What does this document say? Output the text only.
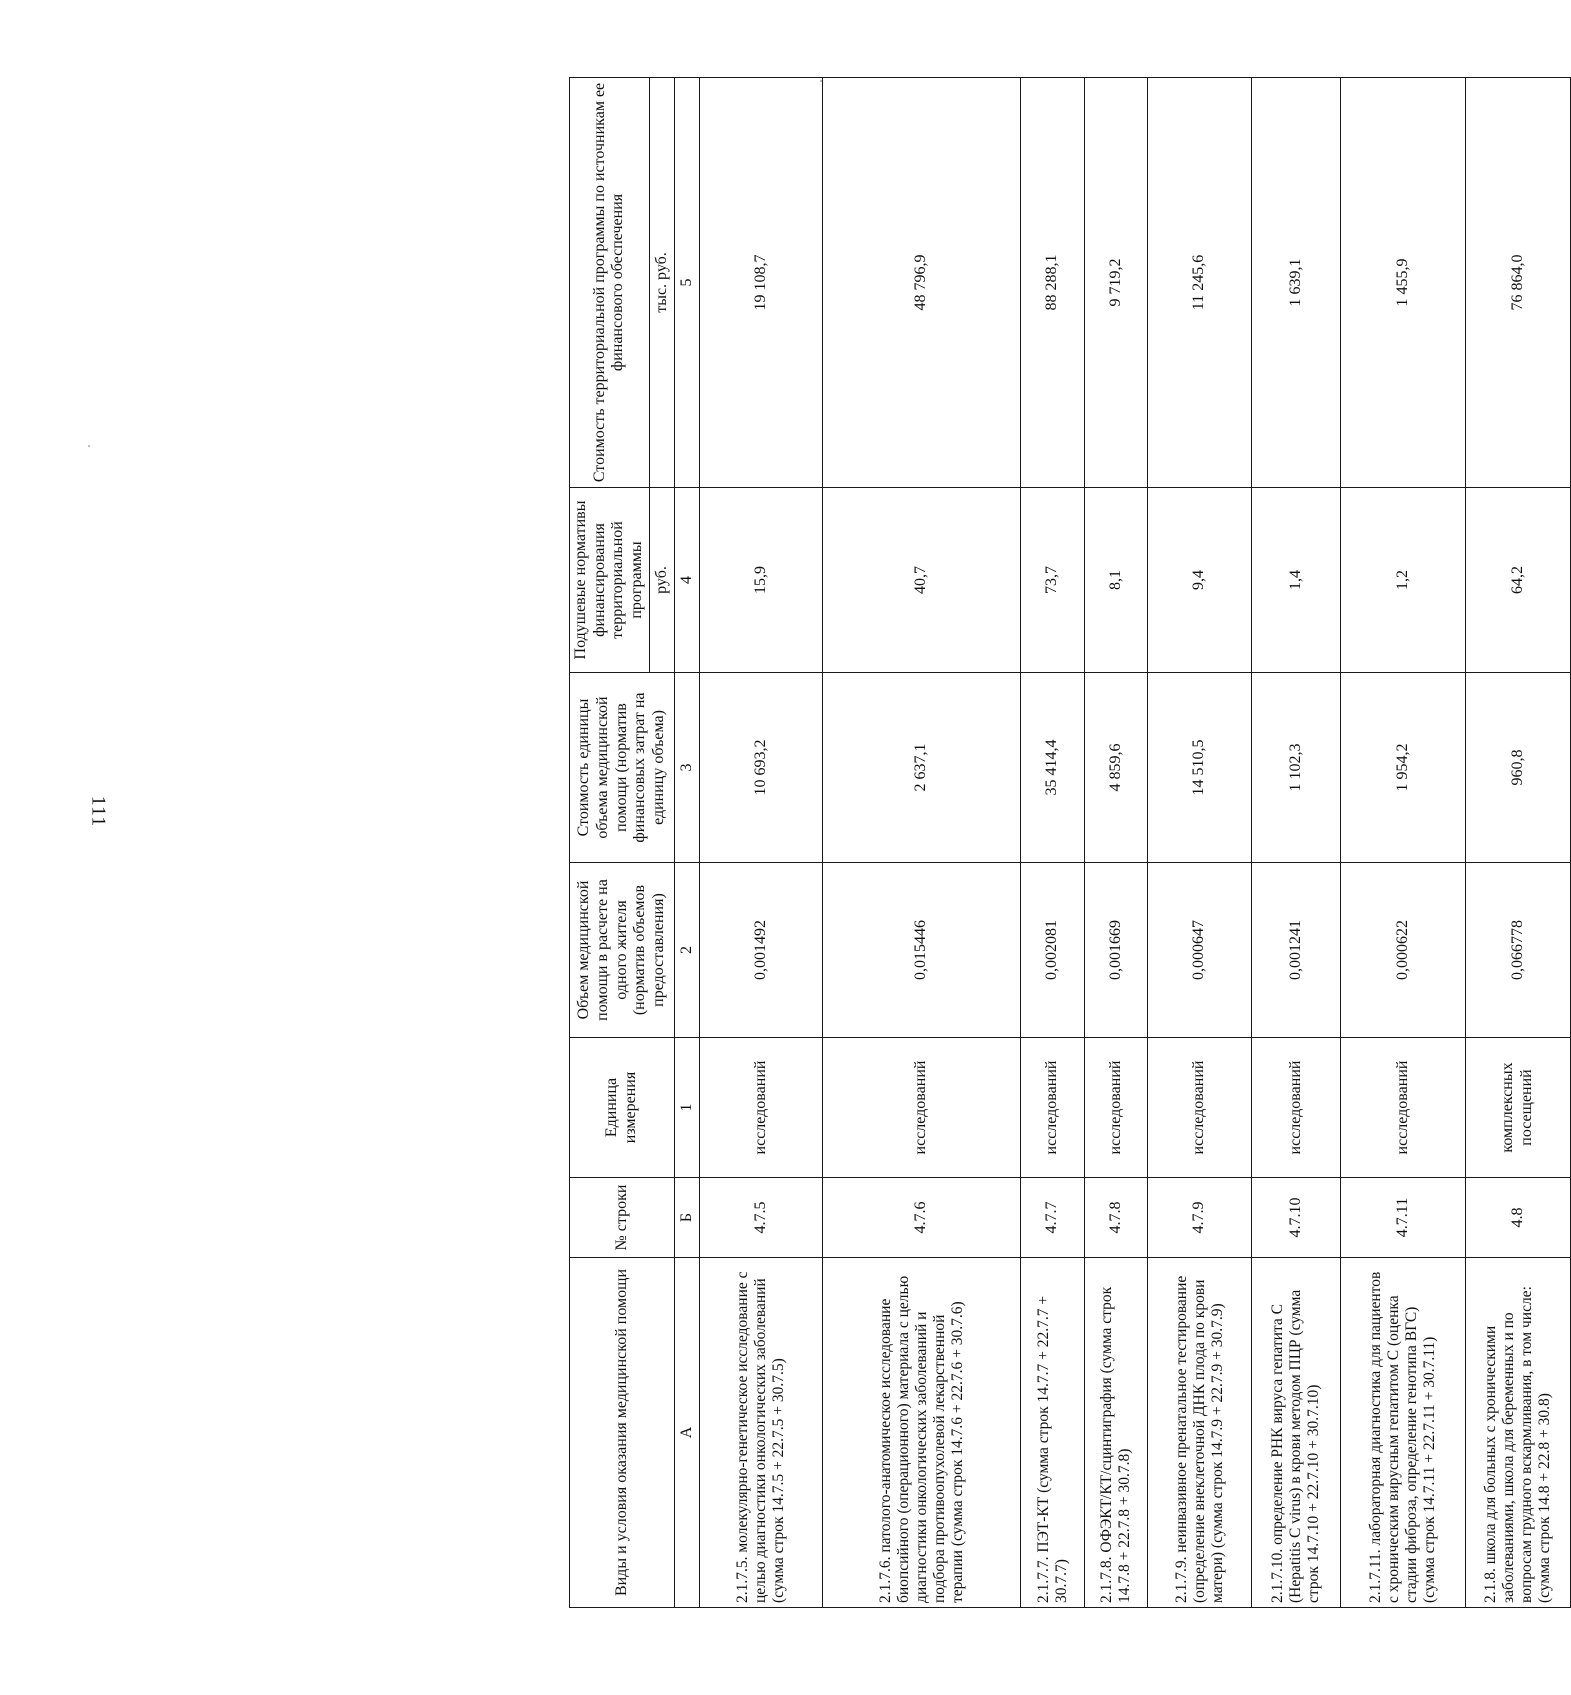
111
Виды и условия оказания медицинской помощи	№ строки	Единица измерения	Объем медицинской помощи в расчете на одного жителя (норматив объемов предоставления)	Стоимость единицы объема медицинской помощи (норматив финансовых затрат на единицу объема)	Подушевые нормативы финансирования территориальной программы	Стоимость территориальной программы по источникам ее финансового обеспечения
					руб.	тыс. руб.
А	Б	1	2	3	4	5
2.1.7.5. молекулярно-генетическое исследование с целью диагностики онкологических заболеваний (сумма строк 14.7.5 + 22.7.5 + 30.7.5)	4.7.5	исследований	0,001492	10 693,2	15,9	19 108,7
2.1.7.6. патолого-анатомическое исследование биопсийного (операционного) материала с целью диагностики онкологических заболеваний и подбора противоопухолевой лекарственной терапии (сумма строк 14.7.6 + 22.7.6 + 30.7.6)	4.7.6	исследований	0,015446	2 637,1	40,7	48 796,9
2.1.7.7. ПЭТ-КТ (сумма строк 14.7.7 + 22.7.7 + 30.7.7)	4.7.7	исследований	0,002081	35 414,4	73,7	88 288,1
2.1.7.8. ОФЭКТ/КТ/сцинтиграфия (сумма строк 14.7.8 + 22.7.8 + 30.7.8)	4.7.8	исследований	0,001669	4 859,6	8,1	9 719,2
2.1.7.9. неинвазивное пренатальное тестирование (определение внеклеточной ДНК плода по крови матери) (сумма строк 14.7.9 + 22.7.9 + 30.7.9)	4.7.9	исследований	0,000647	14 510,5	9,4	11 245,6
2.1.7.10. определение РНК вируса гепатита С (Hepatitis C virus) в крови методом ПЦР (сумма строк 14.7.10 + 22.7.10 + 30.7.10)	4.7.10	исследований	0,001241	1 102,3	1,4	1 639,1
2.1.7.11. лабораторная диагностика для пациентов с хроническим вирусным гепатитом С (оценка стадии фиброза, определение генотипа ВГС) (сумма строк 14.7.11 + 22.7.11 + 30.7.11)	4.7.11	исследований	0,000622	1 954,2	1,2	1 455,9
2.1.8. школа для больных с хроническими заболеваниями, школа для беременных и по вопросам грудного вскармливания, в том числе: (сумма строк 14.8 + 22.8 + 30.8)	4.8	комплексных посещений	0,066778	960,8	64,2	76 864,0
